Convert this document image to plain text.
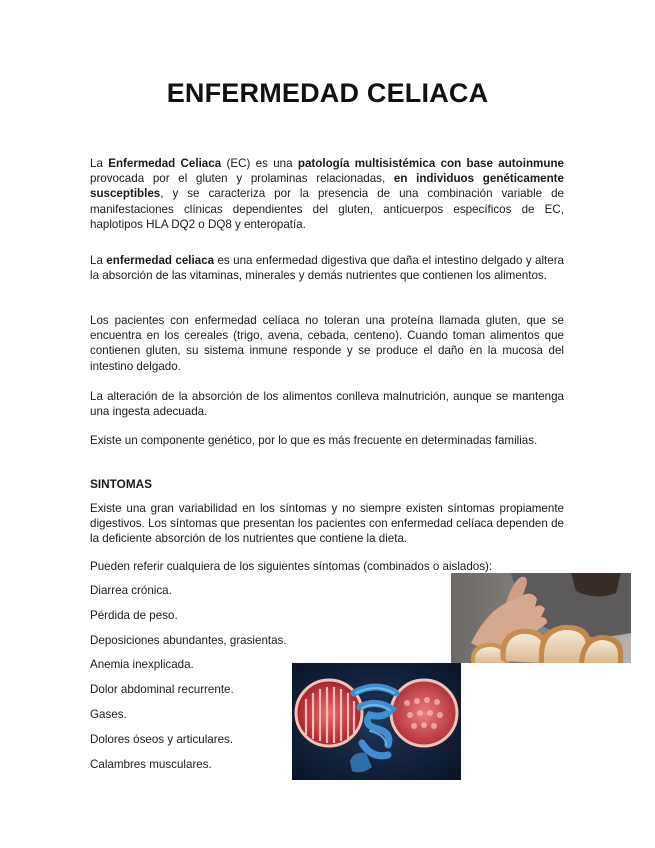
ENFERMEDAD CELIACA

La Enfermedad Celiaca (EC) es una patología multisistémica con base autoinmune provocada por el gluten y prolaminas relacionadas, en individuos genéticamente susceptibles, y se caracteriza por la presencia de una combinación variable de manifestaciones clínicas dependientes del gluten, anticuerpos específicos de EC, haplotipos HLA DQ2 o DQ8 y enteropatía.

La enfermedad celiaca es una enfermedad digestiva que daña el intestino delgado y altera la absorción de las vitaminas, minerales y demás nutrientes que contienen los alimentos.

Los pacientes con enfermedad celíaca no toleran una proteína llamada gluten, que se encuentra en los cereales (trigo, avena, cebada, centeno). Cuando toman alimentos que contienen gluten, su sistema inmune responde y se produce el daño en la mucosa del intestino delgado.

La alteración de la absorción de los alimentos conlleva malnutrición, aunque se mantenga una ingesta adecuada.

Existe un componente genético, por lo que es más frecuente en determinadas familias.

SINTOMAS

Existe una gran variabilidad en los síntomas y no siempre existen síntomas propiamente digestivos. Los síntomas que presentan los pacientes con enfermedad celíaca dependen de la deficiente absorción de los nutrientes que contiene la dieta.

Pueden referir cualquiera de los siguientes síntomas (combinados o aislados):

Diarrea crónica.
Pérdida de peso.
Deposiciones abundantes, grasientas.
Anemia inexplicada.
Dolor abdominal recurrente.
Gases.
Dolores óseos y articulares.
Calambres musculares.
